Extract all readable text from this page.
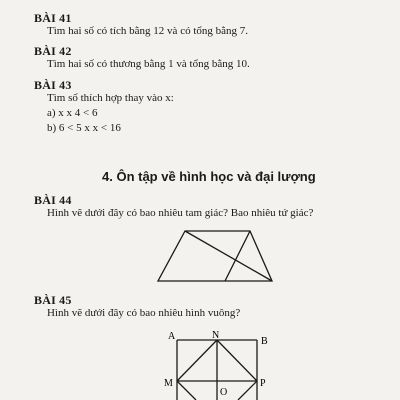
BÀI 41
Tìm hai số có tích bằng 12 và có tổng bằng 7.
BÀI 42
Tìm hai số có thương bằng 1 và tổng bằng 10.
BÀI 43
Tìm số thích hợp thay vào x:
a) x x 4 < 6
b) 6 < 5 x x < 16
4. Ôn tập về hình học và đại lượng
BÀI 44
Hình vẽ dưới đây có bao nhiêu tam giác? Bao nhiêu tứ giác?
BÀI 45
Hình vẽ dưới đây có bao nhiêu hình vuông?
A	N
B
M
O
P
